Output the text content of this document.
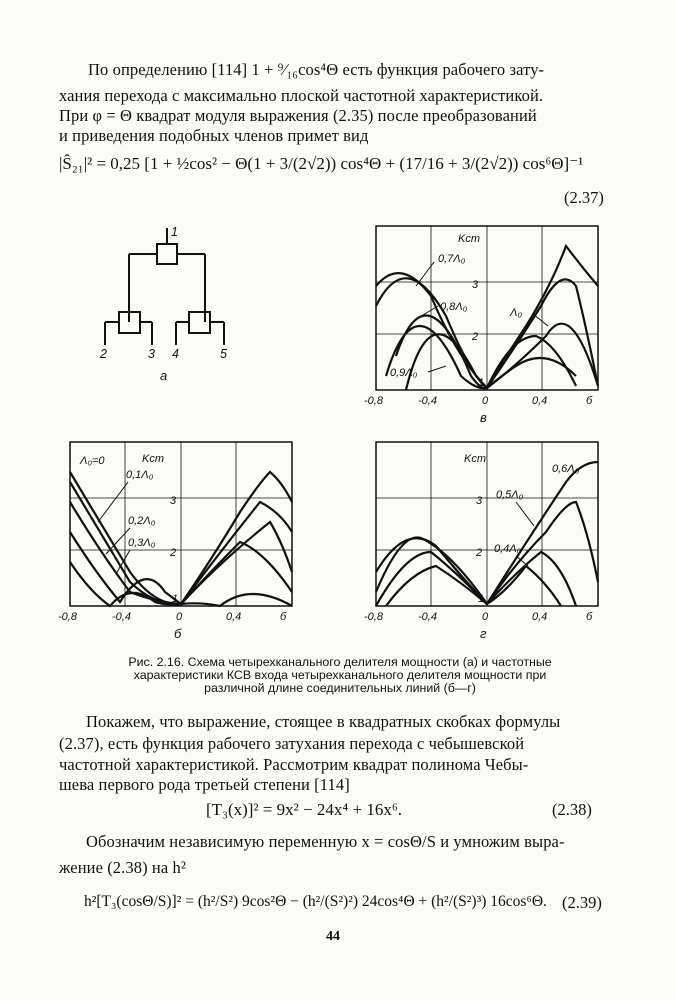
По определению [114] 1 + ⁹⁄₁₆cos⁴Θ есть функция рабочего зату-
хания перехода с максимально плоской частотной характеристикой.
При φ = Θ квадрат модуля выражения (2.35) после преобразований
и приведения подобных членов примет вид
|Ŝ₂₁|² = 0,25 [1 + ½cos² − Θ(1 + 3/(2√2)) cos⁴Θ + (17/16 + 3/(2√2)) cos⁶Θ]⁻¹
(2.37)
1
2	3 4	5
а
Kст
3
2
1
0,7Λ₀
0,8Λ₀	Λ₀
0,9Λ₀
-0,8	-0,4	0	0,4	б
в
Kст
3
2
1
Λ₀=0
0,1Λ₀
0,2Λ₀
0,3Λ₀
-0,8	-0,4	0	0,4	б
б
Kст
3
2
1
0,6Λ₀
0,5Λ₀
0,4Λ₀
-0,8	-0,4	0	0,4	б
г
Рис. 2.16. Схема четырехканального делителя мощности (а) и частотные
характеристики КСВ входа четырехканального делителя мощности при
различной длине соединительных линий (б—г)
Покажем, что выражение, стоящее в квадратных скобках формулы
(2.37), есть функция рабочего затухания перехода с чебышевской
частотной характеристикой. Рассмотрим квадрат полинома Чебы-
шева первого рода третьей степени [114]
[T₃(x)]² = 9x² − 24x⁴ + 16x⁶.	(2.38)
Обозначим независимую переменную x = cosΘ/S и умножим выра-
жение (2.38) на h²
h²[T₃(cosΘ/S)]² = (h²/S²) 9cos²Θ − (h²/(S²)²) 24cos⁴Θ + (h²/(S²)³) 16cos⁶Θ. (2.39)
44
